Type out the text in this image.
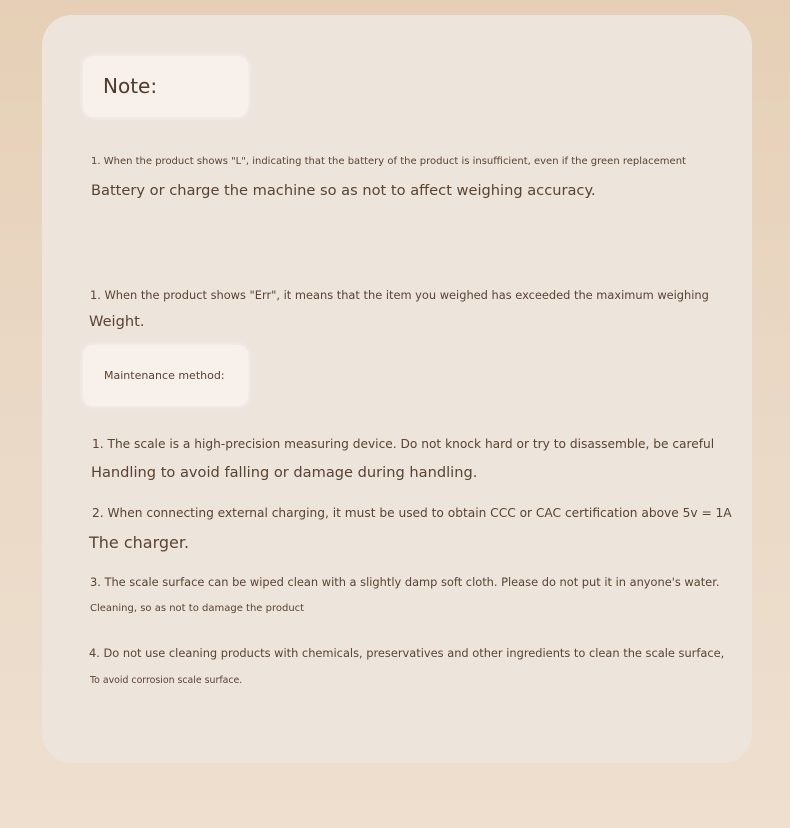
Note:
1. When the product shows "L", indicating that the battery of the product is insufficient, even if the green replacement
Battery or charge the machine so as not to affect weighing accuracy.
1. When the product shows "Err", it means that the item you weighed has exceeded the maximum weighing
Weight.
Maintenance method:
1. The scale is a high-precision measuring device. Do not knock hard or try to disassemble, be careful
Handling to avoid falling or damage during handling.
2. When connecting external charging, it must be used to obtain CCC or CAC certification above 5v = 1A
The charger.
3. The scale surface can be wiped clean with a slightly damp soft cloth. Please do not put it in anyone's water.
Cleaning, so as not to damage the product
4. Do not use cleaning products with chemicals, preservatives and other ingredients to clean the scale surface,
To avoid corrosion scale surface.
